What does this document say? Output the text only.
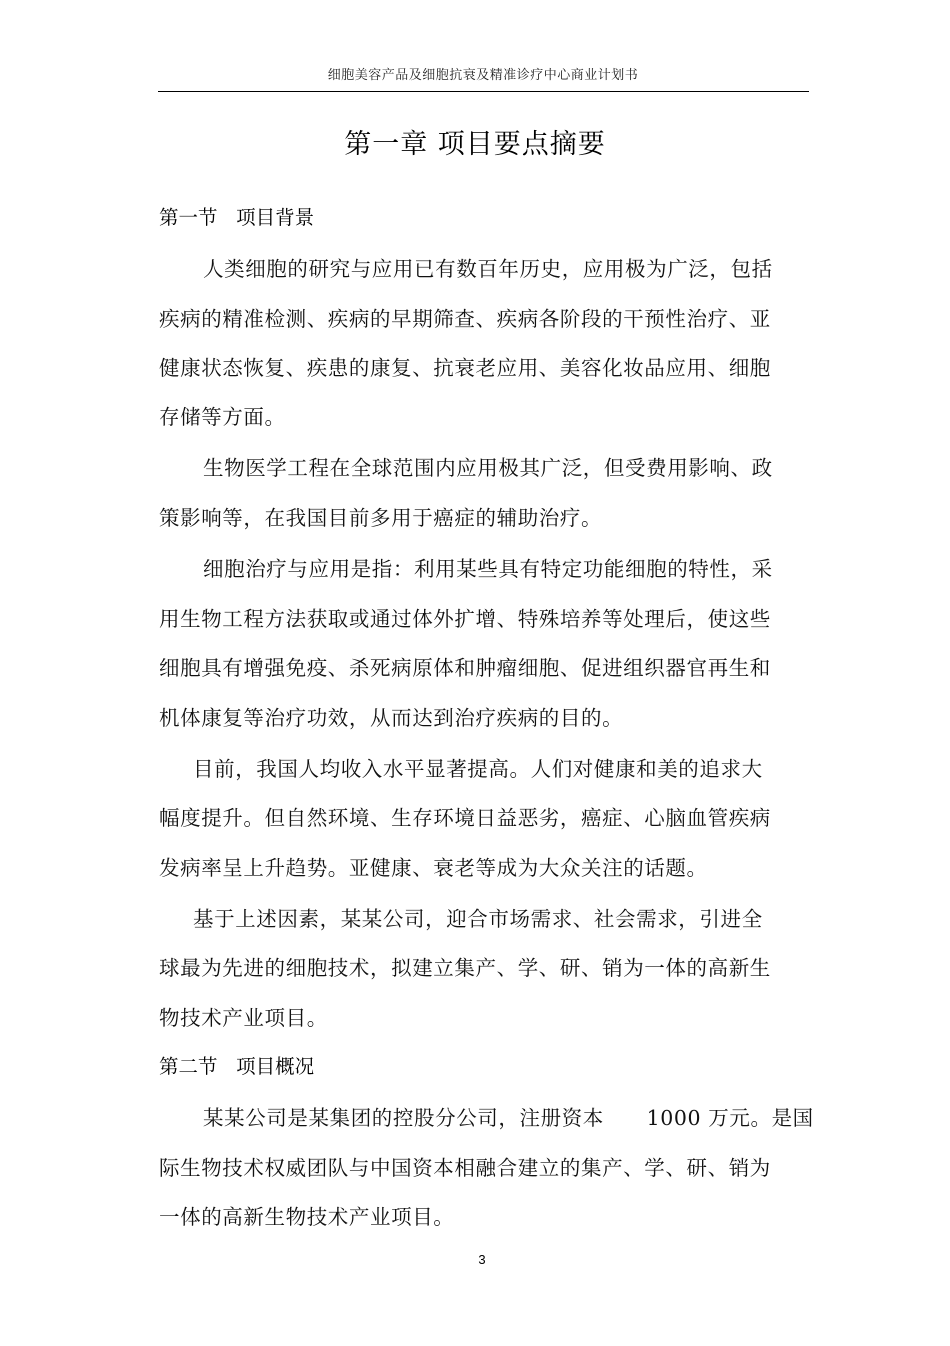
细胞美容产品及细胞抗衰及精准诊疗中心商业计划书
第一章 项目要点摘要
第一节   项目背景
人类细胞的研究与应用已有数百年历史，应用极为广泛，包括
疾病的精准检测、疾病的早期筛查、疾病各阶段的干预性治疗、亚
健康状态恢复、疾患的康复、抗衰老应用、美容化妆品应用、细胞
存储等方面。
生物医学工程在全球范围内应用极其广泛，但受费用影响、政
策影响等，在我国目前多用于癌症的辅助治疗。
细胞治疗与应用是指：利用某些具有特定功能细胞的特性，采
用生物工程方法获取或通过体外扩增、特殊培养等处理后，使这些
细胞具有增强免疫、杀死病原体和肿瘤细胞、促进组织器官再生和
机体康复等治疗功效，从而达到治疗疾病的目的。
目前，我国人均收入水平显著提高。人们对健康和美的追求大
幅度提升。但自然环境、生存环境日益恶劣，癌症、心脑血管疾病
发病率呈上升趋势。亚健康、衰老等成为大众关注的话题。
基于上述因素，某某公司，迎合市场需求、社会需求，引进全
球最为先进的细胞技术，拟建立集产、学、研、销为一体的高新生
物技术产业项目。
第二节   项目概况
某某公司是某集团的控股分公司，注册资本      1000 万元。是国
际生物技术权威团队与中国资本相融合建立的集产、学、研、销为
一体的高新生物技术产业项目。
3
